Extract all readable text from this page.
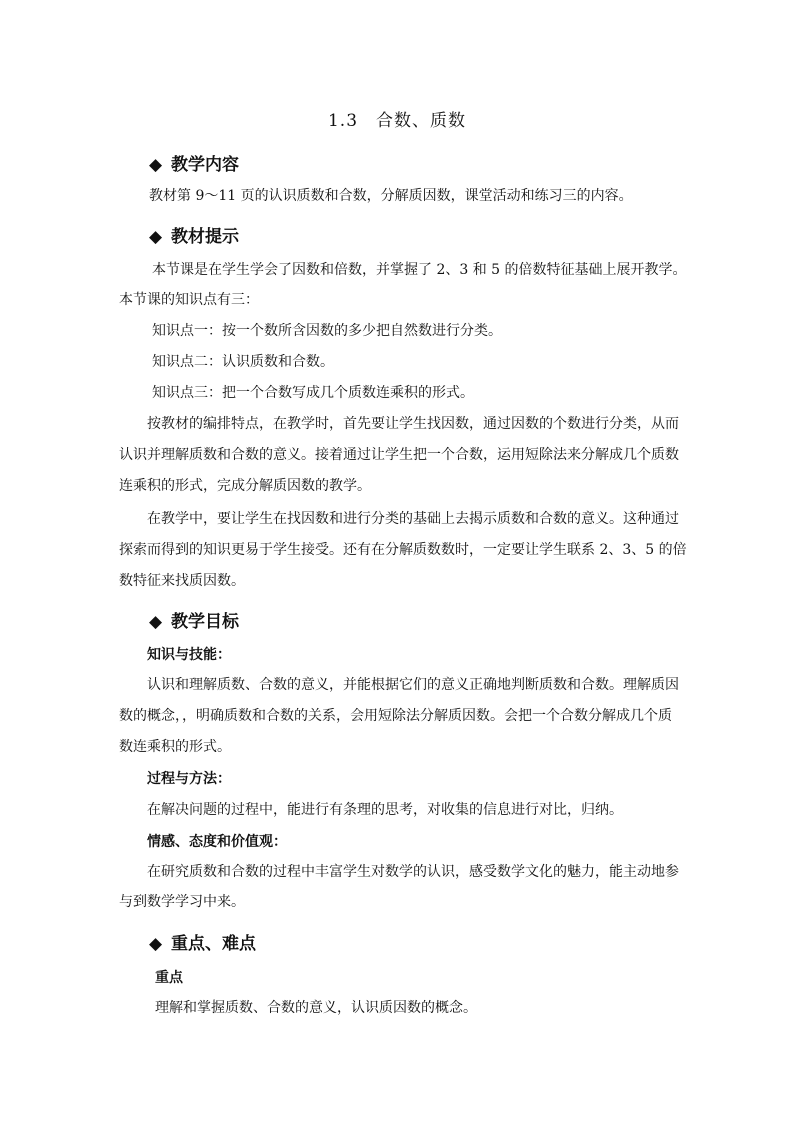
1.3　合数、质数
◆ 教学内容
教材第 9～11 页的认识质数和合数，分解质因数，课堂活动和练习三的内容。
◆ 教材提示
本节课是在学生学会了因数和倍数，并掌握了 2、3 和 5 的倍数特征基础上展开教学。
本节课的知识点有三：
知识点一：按一个数所含因数的多少把自然数进行分类。
知识点二：认识质数和合数。
知识点三：把一个合数写成几个质数连乘积的形式。
按教材的编排特点，在教学时，首先要让学生找因数，通过因数的个数进行分类，从而
认识并理解质数和合数的意义。接着通过让学生把一个合数，运用短除法来分解成几个质数
连乘积的形式，完成分解质因数的教学。
在教学中，要让学生在找因数和进行分类的基础上去揭示质数和合数的意义。这种通过
探索而得到的知识更易于学生接受。还有在分解质数数时，一定要让学生联系 2、3、5 的倍
数特征来找质因数。
◆ 教学目标
知识与技能：
认识和理解质数、合数的意义，并能根据它们的意义正确地判断质数和合数。理解质因
数的概念，，明确质数和合数的关系，会用短除法分解质因数。会把一个合数分解成几个质
数连乘积的形式。
过程与方法：
在解决问题的过程中，能进行有条理的思考，对收集的信息进行对比，归纳。
情感、态度和价值观：
在研究质数和合数的过程中丰富学生对数学的认识，感受数学文化的魅力，能主动地参
与到数学学习中来。
◆ 重点、难点
重点
理解和掌握质数、合数的意义，认识质因数的概念。
